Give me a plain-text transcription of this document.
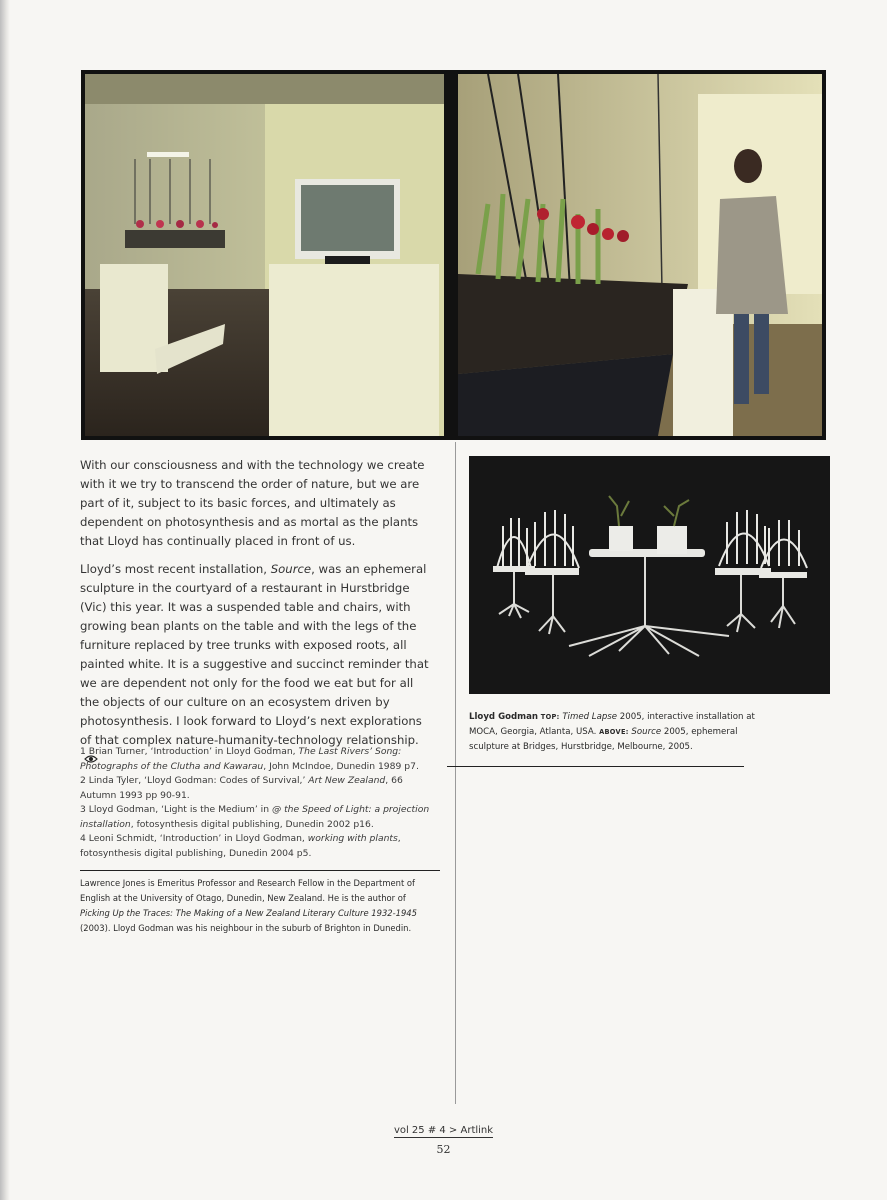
With our consciousness and with the technology we create with it we try to transcend the order of nature, but we are part of it, subject to its basic forces, and ultimately as dependent on photosynthesis and as mortal as the plants that Lloyd has continually placed in front of us.

Lloyd’s most recent installation, Source, was an ephemeral sculpture in the courtyard of a restaurant in Hurstbridge (Vic) this year. It was a suspended table and chairs, with growing bean plants on the table and with the legs of the furniture replaced by tree trunks with exposed roots, all painted white. It is a suggestive and succinct reminder that we are dependent not only for the food we eat but for all the objects of our culture on an ecosystem driven by photosynthesis. I look forward to Lloyd’s next explorations of that complex nature-humanity-technology relationship.

1 Brian Turner, ‘Introduction’ in Lloyd Godman, The Last Rivers’ Song: Photographs of the Clutha and Kawarau, John McIndoe, Dunedin 1989 p7.
2 Linda Tyler, ‘Lloyd Godman: Codes of Survival,’ Art New Zealand, 66 Autumn 1993 pp 90-91.
3 Lloyd Godman, ‘Light is the Medium’ in @ the Speed of Light: a projection installation, fotosynthesis digital publishing, Dunedin 2002 p16.
4 Leoni Schmidt, ‘Introduction’ in Lloyd Godman, working with plants, fotosynthesis digital publishing, Dunedin 2004 p5.
Lawrence Jones is Emeritus Professor and Research Fellow in the Department of English at the University of Otago, Dunedin, New Zealand. He is the author of Picking Up the Traces: The Making of a New Zealand Literary Culture 1932-1945 (2003). Lloyd Godman was his neighbour in the suburb of Brighton in Dunedin.
Lloyd Godman TOP: Timed Lapse 2005, interactive installation at MOCA, Georgia, Atlanta, USA. ABOVE: Source 2005, ephemeral sculpture at Bridges, Hurstbridge, Melbourne, 2005.
vol 25 # 4 > Artlink
52
